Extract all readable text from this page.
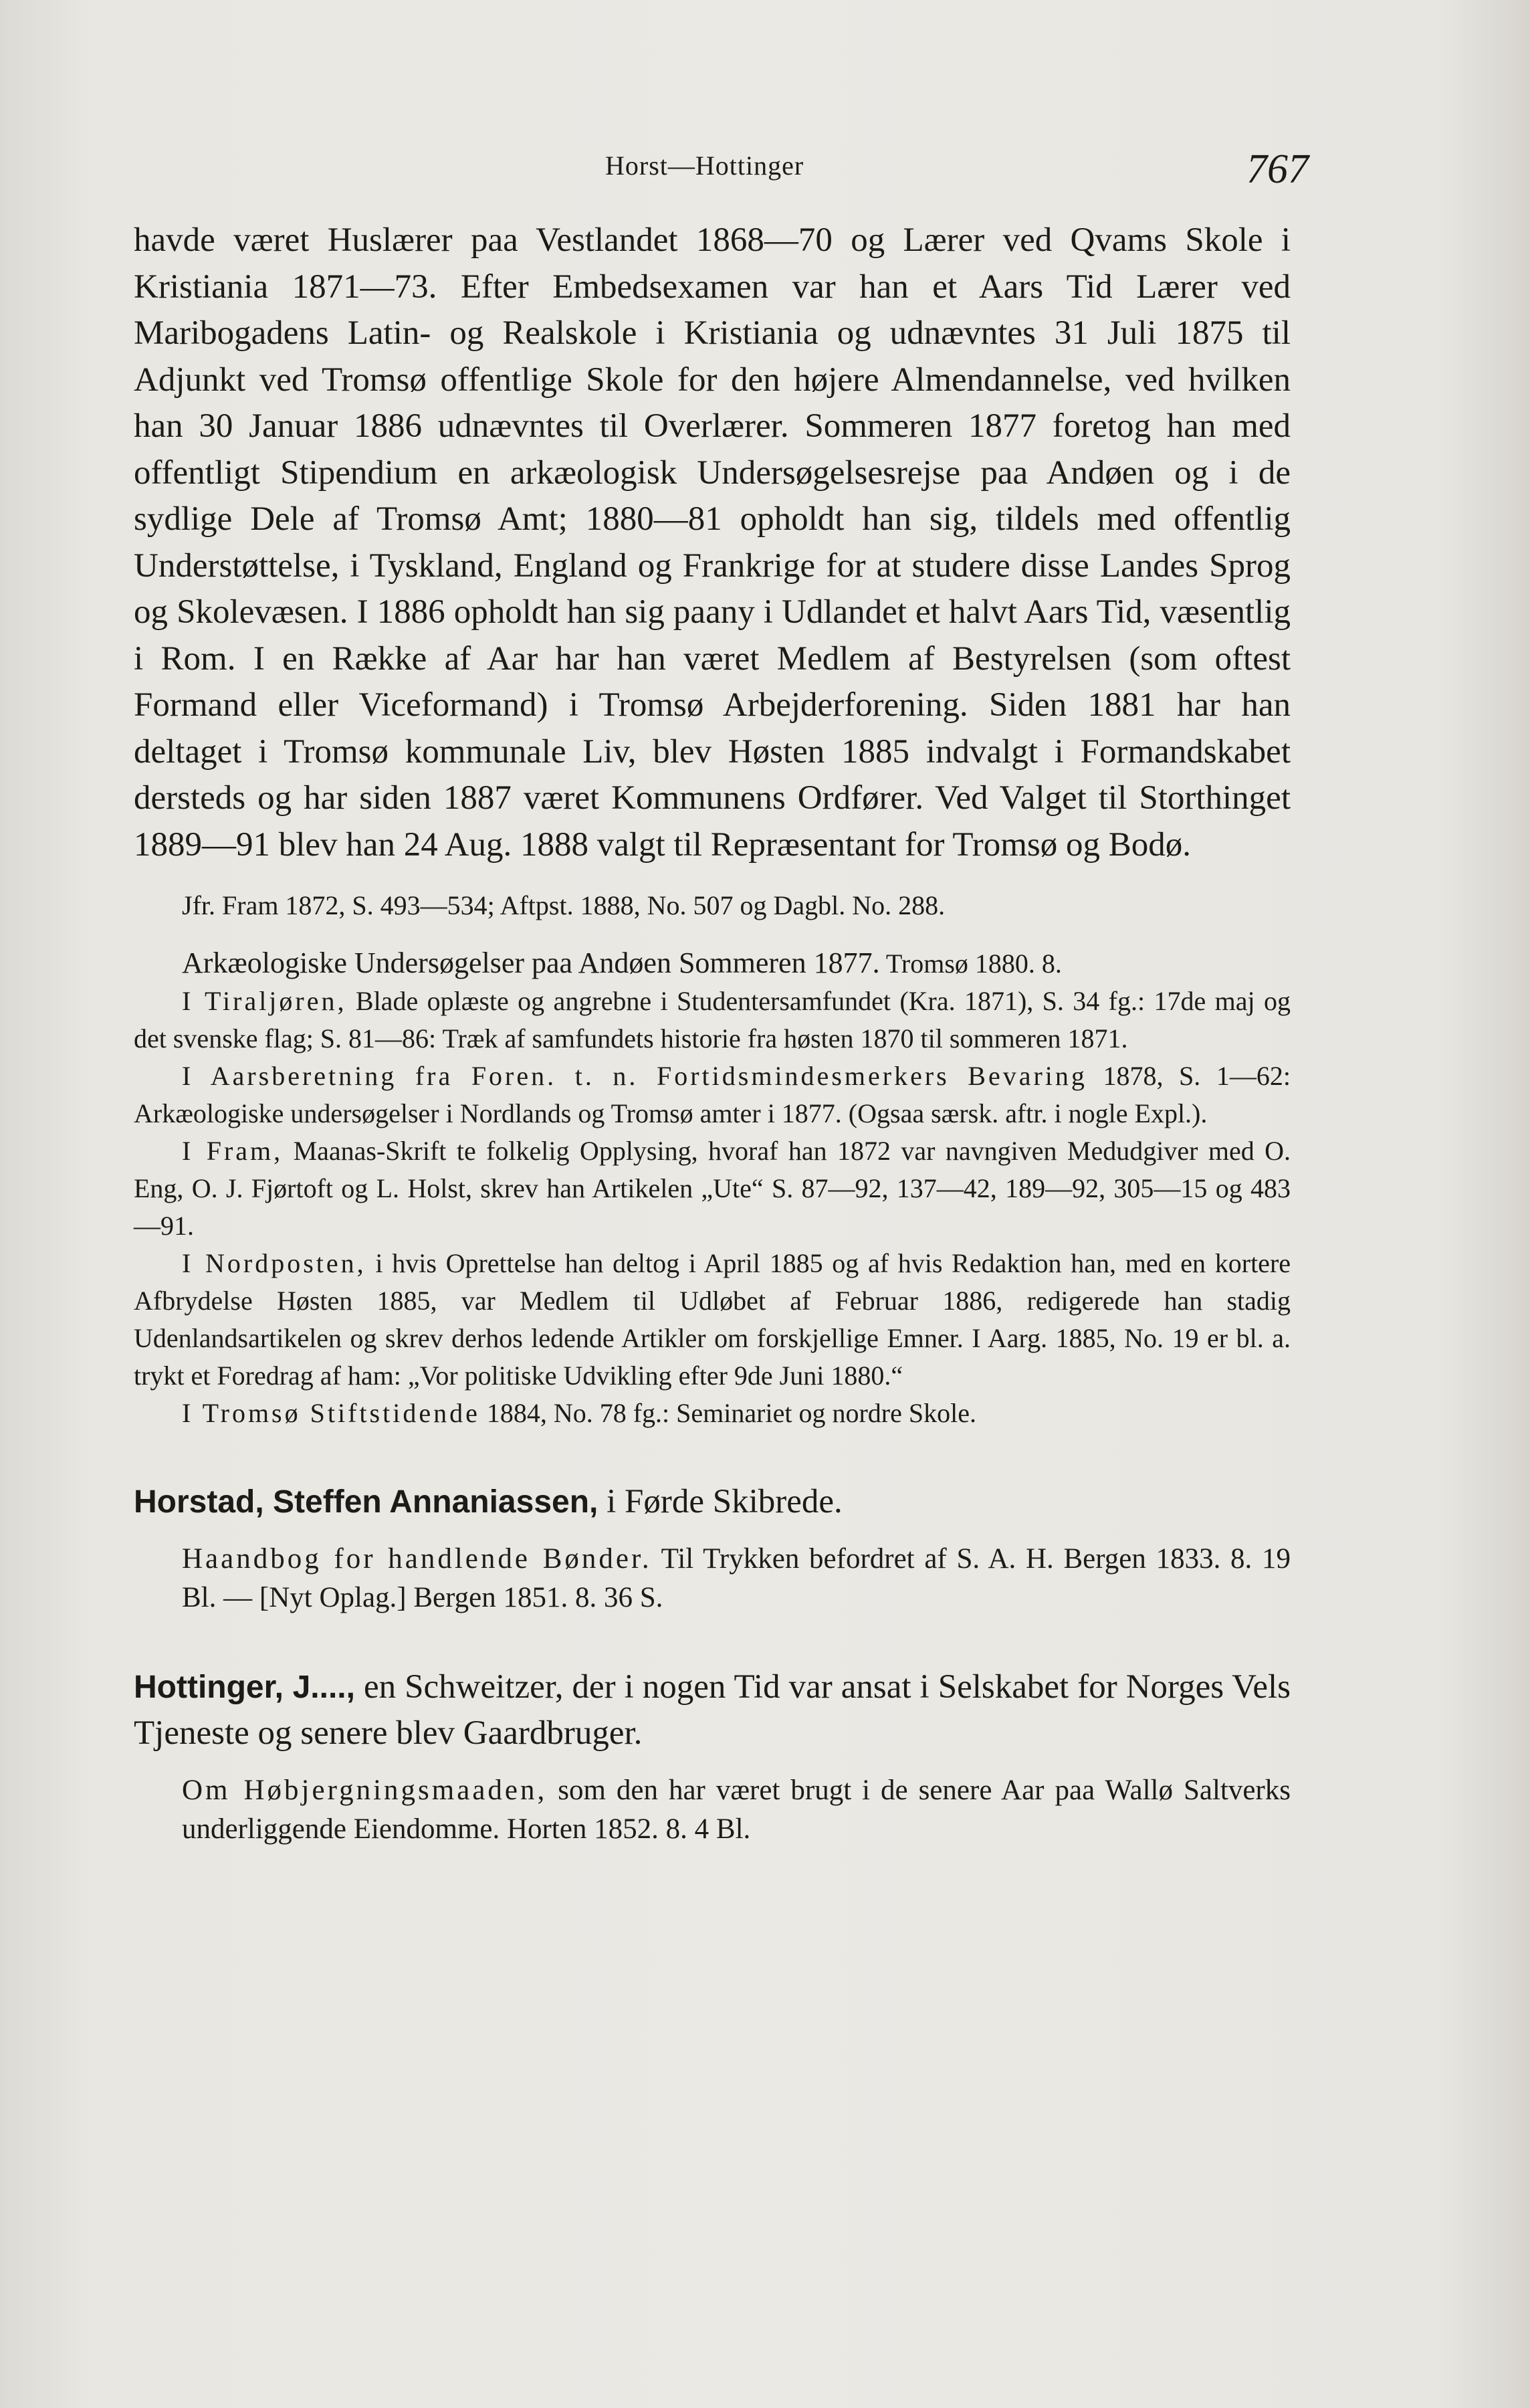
Horst—Hottinger	767

havde været Huslærer paa Vestlandet 1868—70 og Lærer ved Qvams Skole i Kristiania 1871—73. Efter Embedsexamen var han et Aars Tid Lærer ved Maribogadens Latin- og Realskole i Kristiania og udnævntes 31 Juli 1875 til Adjunkt ved Tromsø offentlige Skole for den højere Almendannelse, ved hvilken han 30 Januar 1886 udnævntes til Overlærer. Sommeren 1877 foretog han med offentligt Stipendium en arkæologisk Undersøgelsesrejse paa Andøen og i de sydlige Dele af Tromsø Amt; 1880—81 opholdt han sig, tildels med offentlig Understøttelse, i Tyskland, England og Frankrige for at studere disse Landes Sprog og Skolevæsen. I 1886 opholdt han sig paany i Udlandet et halvt Aars Tid, væsentlig i Rom. I en Række af Aar har han været Medlem af Bestyrelsen (som oftest Formand eller Viceformand) i Tromsø Arbejderforening. Siden 1881 har han deltaget i Tromsø kommunale Liv, blev Høsten 1885 indvalgt i Formandskabet dersteds og har siden 1887 været Kommunens Ordfører. Ved Valget til Storthinget 1889—91 blev han 24 Aug. 1888 valgt til Repræsentant for Tromsø og Bodø.

Jfr. Fram 1872, S. 493—534; Aftpst. 1888, No. 507 og Dagbl. No. 288.

Arkæologiske Undersøgelser paa Andøen Sommeren 1877. Tromsø 1880. 8.

I Tiraljøren, Blade oplæste og angrebne i Studentersamfundet (Kra. 1871), S. 34 fg.: 17de maj og det svenske flag; S. 81—86: Træk af samfundets historie fra høsten 1870 til sommeren 1871.

I Aarsberetning fra Foren. t. n. Fortidsmindesmerkers Bevaring 1878, S. 1—62: Arkæologiske undersøgelser i Nordlands og Tromsø amter i 1877. (Ogsaa særsk. aftr. i nogle Expl.).

I Fram, Maanas-Skrift te folkelig Opplysing, hvoraf han 1872 var navngiven Medudgiver med O. Eng, O. J. Fjørtoft og L. Holst, skrev han Artikelen „Ute“ S. 87—92, 137—42, 189—92, 305—15 og 483—91.

I Nordposten, i hvis Oprettelse han deltog i April 1885 og af hvis Redaktion han, med en kortere Afbrydelse Høsten 1885, var Medlem til Udløbet af Februar 1886, redigerede han stadig Udenlandsartikelen og skrev derhos ledende Artikler om forskjellige Emner. I Aarg. 1885, No. 19 er bl. a. trykt et Foredrag af ham: „Vor politiske Udvikling efter 9de Juni 1880.“

I Tromsø Stiftstidende 1884, No. 78 fg.: Seminariet og nordre Skole.

Horstad, Steffen Annaniassen, i Førde Skibrede.

Haandbog for handlende Bønder. Til Trykken befordret af S. A. H. Bergen 1833. 8. 19 Bl. — [Nyt Oplag.] Bergen 1851. 8. 36 S.

Hottinger, J...., en Schweitzer, der i nogen Tid var ansat i Selskabet for Norges Vels Tjeneste og senere blev Gaardbruger.

Om Høbjergningsmaaden, som den har været brugt i de senere Aar paa Wallø Saltverks underliggende Eiendomme. Horten 1852. 8. 4 Bl.
